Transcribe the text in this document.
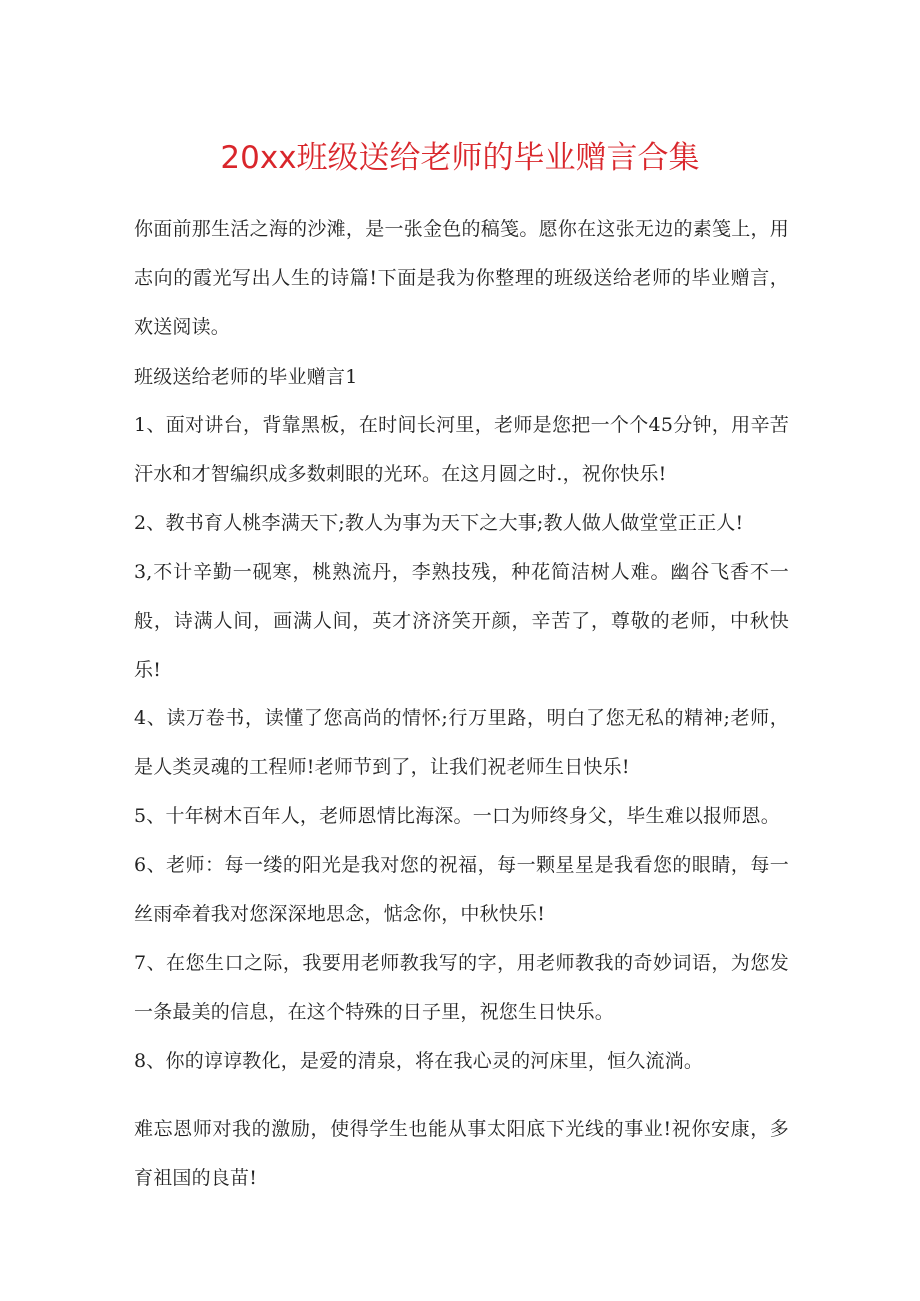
20xx班级送给老师的毕业赠言合集
你面前那生活之海的沙滩，是一张金色的稿笺。愿你在这张无边的素笺上，用志向的霞光写出人生的诗篇!下面是我为你整理的班级送给老师的毕业赠言，欢送阅读。
班级送给老师的毕业赠言1
1、面对讲台，背靠黑板，在时间长河里，老师是您把一个个45分钟，用辛苦汗水和才智编织成多数刺眼的光环。在这月圆之时.，祝你快乐!
2、教书育人桃李满天下;教人为事为天下之大事;教人做人做堂堂正正人!
3,不计辛勤一砚寒，桃熟流丹，李熟技残，种花简洁树人难。幽谷飞香不一般，诗满人间，画满人间，英才济济笑开颜，辛苦了，尊敬的老师，中秋快乐!
4、读万卷书，读懂了您高尚的情怀;行万里路，明白了您无私的精神;老师，是人类灵魂的工程师!老师节到了，让我们祝老师生日快乐!
5、十年树木百年人，老师恩情比海深。一口为师终身父，毕生难以报师恩。
6、老师：每一缕的阳光是我对您的祝福，每一颗星星是我看您的眼睛，每一丝雨牵着我对您深深地思念，惦念你，中秋快乐!
7、在您生口之际，我要用老师教我写的字，用老师教我的奇妙词语，为您发一条最美的信息，在这个特殊的日子里，祝您生日快乐。
8、你的谆谆教化，是爱的清泉，将在我心灵的河床里，恒久流淌。
难忘恩师对我的激励，使得学生也能从事太阳底下光线的事业!祝你安康，多育祖国的良苗!
